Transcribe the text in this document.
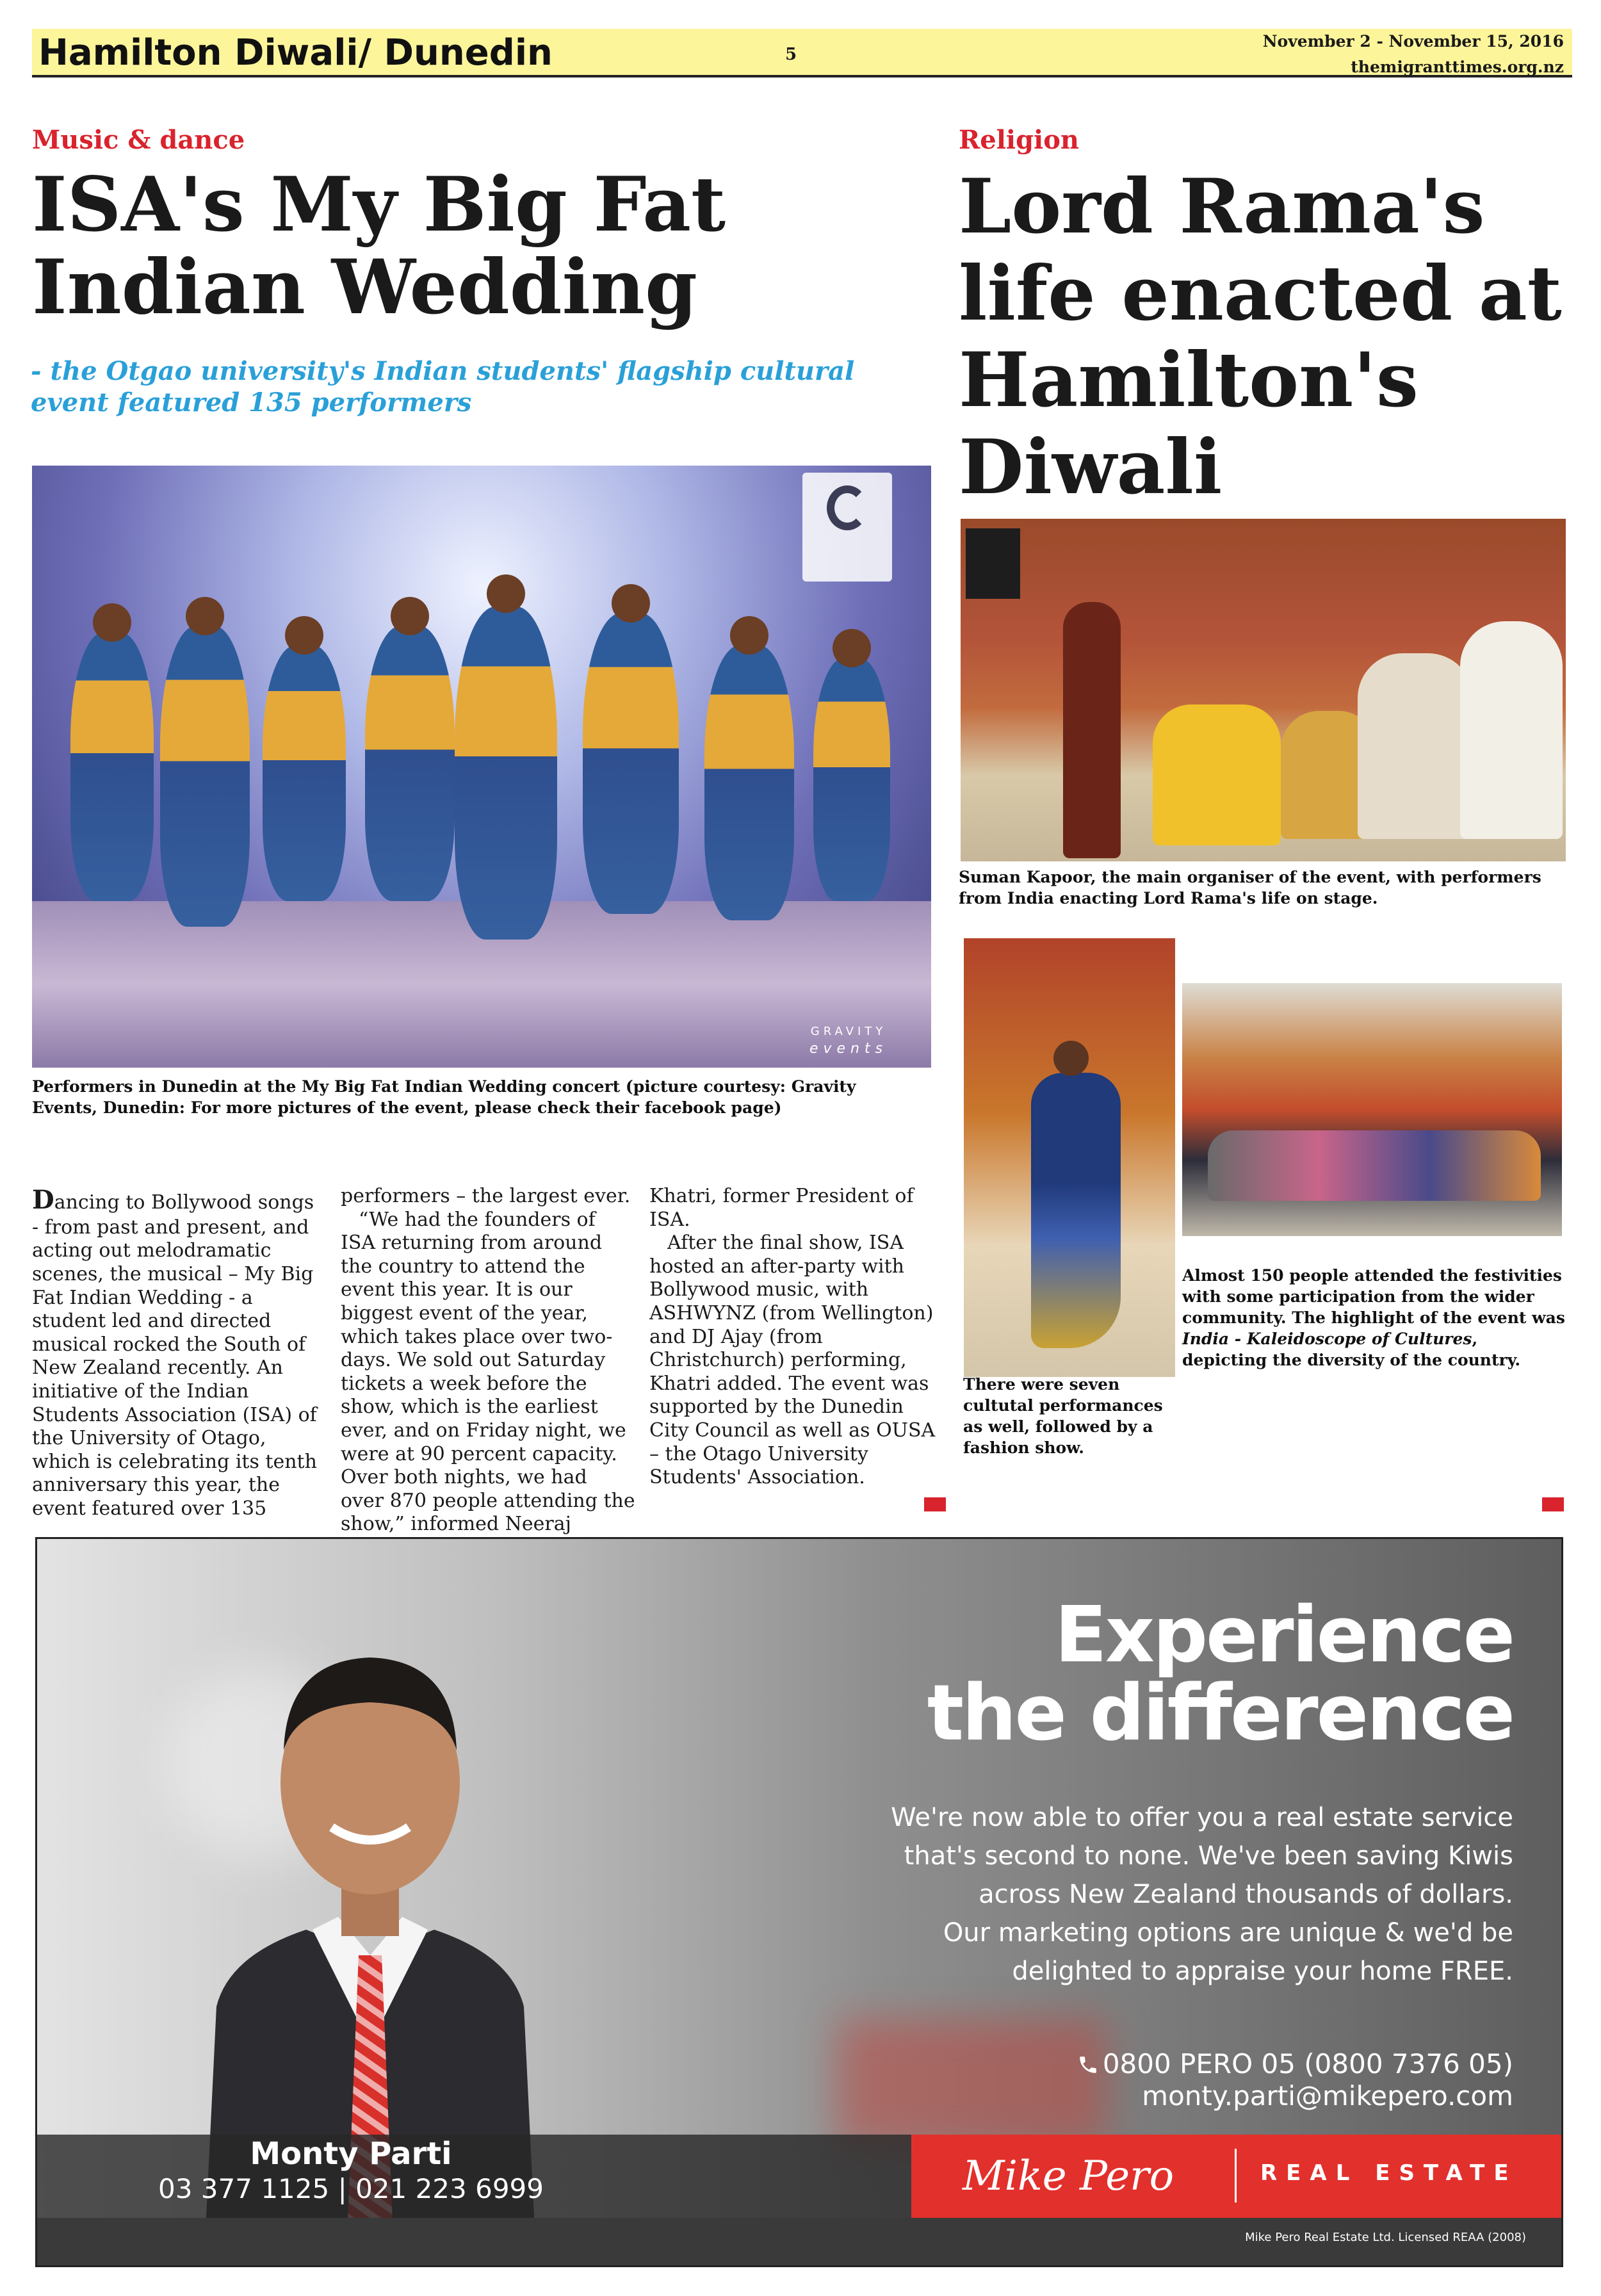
Hamilton Diwali/ Dunedin	5
November 2 - November 15, 2016
themigranttimes.org.nz
Music & dance
ISA's My Big Fat Indian Wedding
- the Otgao university's Indian students' flagship cultural event featured 135 performers
GRAVITY
events
Performers in Dunedin at the My Big Fat Indian Wedding concert (picture courtesy: Gravity Events, Dunedin: For more pictures of the event, please check their facebook page)

Dancing to Bollywood songs - from past and present, and acting out melodramatic scenes, the musical – My Big Fat Indian Wedding - a student led and directed musical rocked the South of New Zealand recently. An initiative of the Indian Students Association (ISA) of the University of Otago, which is celebrating its tenth anniversary this year, the event featured over 135

performers – the largest ever.

“We had the founders of ISA returning from around the country to attend the event this year. It is our biggest event of the year, which takes place over two-days. We sold out Saturday tickets a week before the show, which is the earliest ever, and on Friday night, we were at 90 percent capacity. Over both nights, we had over 870 people attending the show,” informed Neeraj

Khatri, former President of ISA.

After the final show, ISA hosted an after-party with Bollywood music, with ASHWYNZ (from Wellington) and DJ Ajay (from Christchurch) performing, Khatri added. The event was supported by the Dunedin City Council as well as OUSA – the Otago University Students' Association.

Religion
Lord Rama's life enacted at Hamilton's Diwali
Suman Kapoor, the main organiser of the event, with performers from India enacting Lord Rama's life on stage.
There were seven cultutal performances as well, followed by a fashion show.
Almost 150 people attended the festivities with some participation from the wider community. The highlight of the event was India - Kaleidoscope of Cultures, depicting the diversity of the country.
Experience
the difference
We're now able to offer you a real estate service
that's second to none. We've been saving Kiwis
across New Zealand thousands of dollars.
Our marketing options are unique & we'd be
delighted to appraise your home FREE.
0800 PERO 05 (0800 7376 05)
monty.parti@mikepero.com
Monty Parti
03 377 1125 | 021 223 6999	Mike Pero	REAL ESTATE
Mike Pero Real Estate Ltd. Licensed REAA (2008)
